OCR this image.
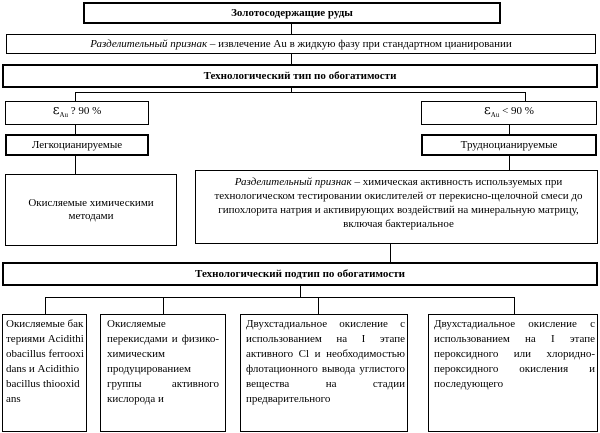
Золотосодержащие руды
Разделительный признак – извлечение Au в жидкую фазу при стандартном цианировании
Технологический тип по обогатимости
$\varepsilon_{Au}$ ? 90 %	$\varepsilon_{Au} < 90$ %
Легкоцианируемые	Трудноцианируемые
Окисляемые химическими методами
Разделительный признак – химическая активность используемых при технологическом тестировании окислителей от перекисно-щелочной смеси до гипохлорита натрия и активирующих воздействий на минеральную матрицу, включая бактериальное
Технологический подтип по обогатимости
Окисляемые бактериями Acidithiobacillus ferrooxidans и Acidithiobacillus thiooxidans
Окисляемые перекисдами и физико-химическим продуцированием группы активного кислорода и
Двухстадиальное окисление с использованием на I этапе активного Cl и необходимостью флотационного вывода углистого вещества на стадии предварительного
Двухстадиальное окисление с использованием на I этапе пероксидного или хлоридно-пероксидного окисления и последующего
